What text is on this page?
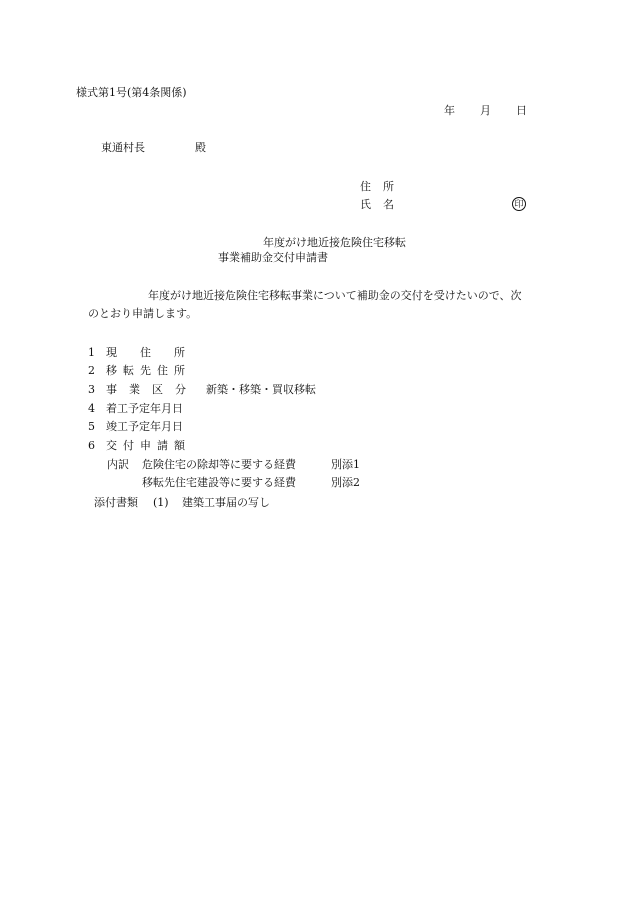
様式第1号(第4条関係)
年 月 日
東通村長	殿
住 所
氏 名	印
年度がけ地近接危険住宅移転
事業補助金交付申請書
年度がけ地近接危険住宅移転事業について補助金の交付を受けたいので、次
のとおり申請します。
1 現 住 所
2 移 転 先 住 所
3 事 業 区 分 新築・移築・買収移転
4 着工予定年月日
5 竣工予定年月日
6 交 付 申 請 額
内訳 危険住宅の除却等に要する経費	別添1
移転先住宅建設等に要する経費	別添2
添付書類 (1) 建築工事届の写し
